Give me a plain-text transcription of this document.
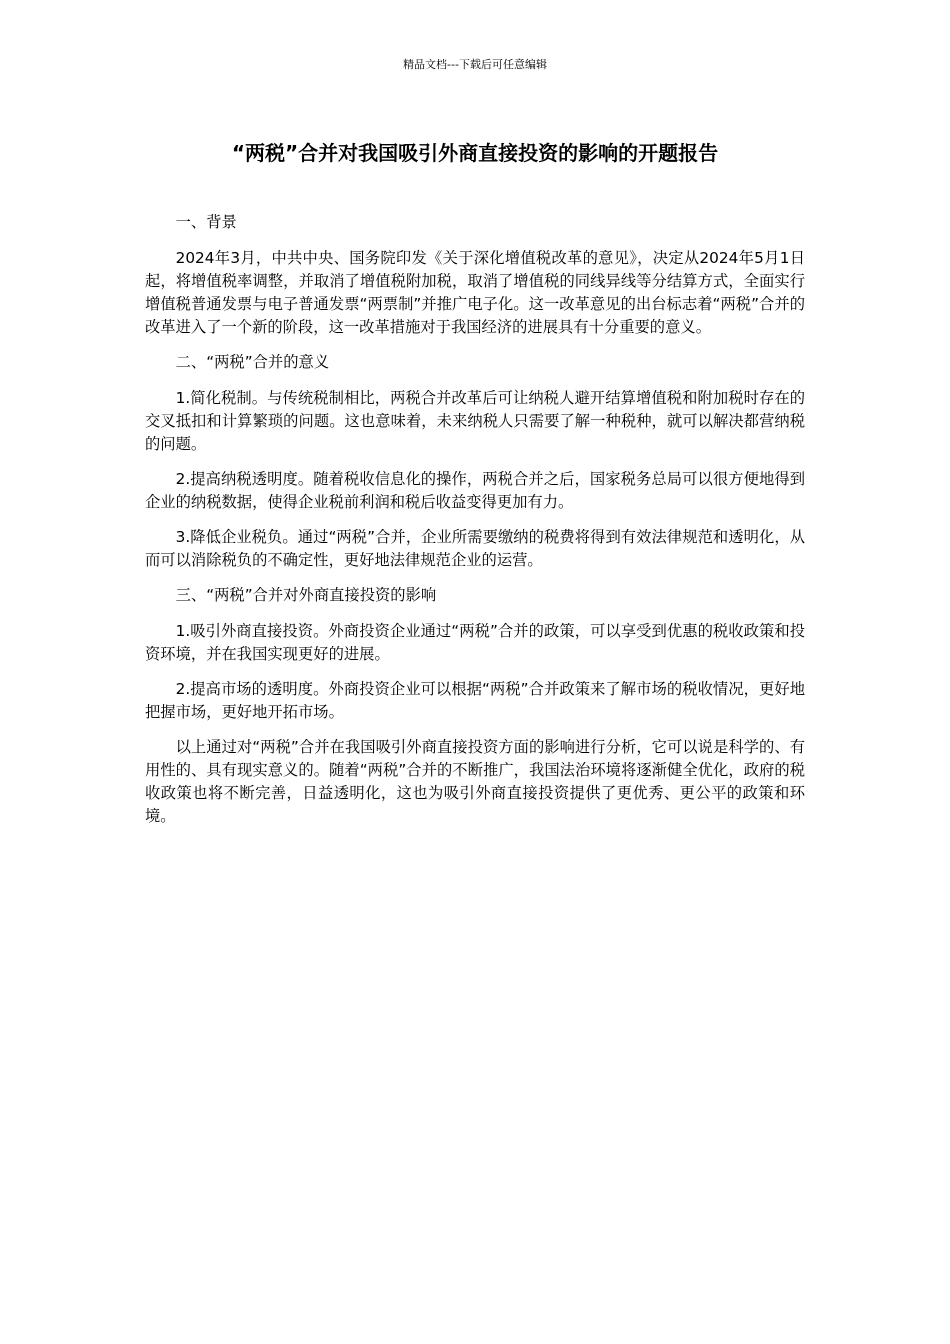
精品文档---下载后可任意编辑
“两税”合并对我国吸引外商直接投资的影响的开题报告

一、背景

2024年3月，中共中央、国务院印发《关于深化增值税改革的意见》，决定从2024年5月1日起，将增值税率调整，并取消了增值税附加税，取消了增值税的同线异线等分结算方式，全面实行增值税普通发票与电子普通发票“两票制”并推广电子化。这一改革意见的出台标志着“两税”合并的改革进入了一个新的阶段，这一改革措施对于我国经济的进展具有十分重要的意义。

二、“两税”合并的意义

1.简化税制。与传统税制相比，两税合并改革后可让纳税人避开结算增值税和附加税时存在的交叉抵扣和计算繁琐的问题。这也意味着，未来纳税人只需要了解一种税种，就可以解决都营纳税的问题。

2.提高纳税透明度。随着税收信息化的操作，两税合并之后，国家税务总局可以很方便地得到企业的纳税数据，使得企业税前利润和税后收益变得更加有力。

3.降低企业税负。通过“两税”合并，企业所需要缴纳的税费将得到有效法律规范和透明化，从而可以消除税负的不确定性，更好地法律规范企业的运营。

三、“两税”合并对外商直接投资的影响

1.吸引外商直接投资。外商投资企业通过“两税”合并的政策，可以享受到优惠的税收政策和投资环境，并在我国实现更好的进展。

2.提高市场的透明度。外商投资企业可以根据“两税”合并政策来了解市场的税收情况，更好地把握市场，更好地开拓市场。

以上通过对“两税”合并在我国吸引外商直接投资方面的影响进行分析，它可以说是科学的、有用性的、具有现实意义的。随着“两税”合并的不断推广，我国法治环境将逐渐健全优化，政府的税收政策也将不断完善，日益透明化，这也为吸引外商直接投资提供了更优秀、更公平的政策和环境。
